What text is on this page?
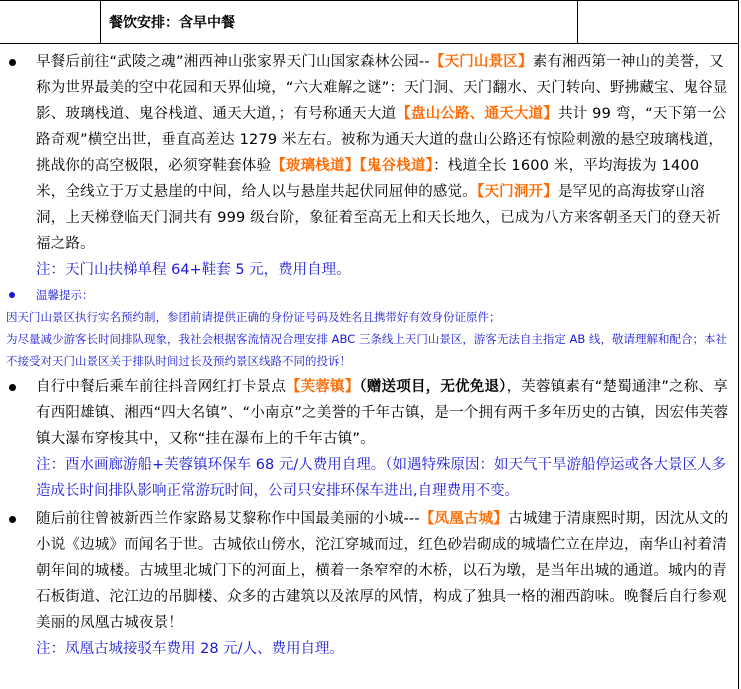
餐饮安排：含早中餐

早餐后前往“武陵之魂”湘西神山张家界天门山国家森林公园--【天门山景区】素有湘西第一神山的美誉，又称为世界最美的空中花园和天界仙境，“六大难解之谜”：天门洞、天门翻水、天门转向、野拂藏宝、鬼谷显影、玻璃栈道、鬼谷栈道、通天大道，；有号称通天大道【盘山公路、通天大道】共计 99 弯，“天下第一公路奇观”横空出世，垂直高差达 1279 米左右。被称为通天大道的盘山公路还有惊险刺激的悬空玻璃栈道，挑战你的高空极限，必须穿鞋套体验【玻璃栈道】【鬼谷栈道】：栈道全长 1600 米，平均海拔为 1400 米，全线立于万丈悬崖的中间，给人以与悬崖共起伏同屈伸的感觉。【天门洞开】是罕见的高海拔穿山溶洞，上天梯登临天门洞共有 999 级台阶，象征着至高无上和天长地久，已成为八方来客朝圣天门的登天祈福之路。

注：天门山扶梯单程 64+鞋套 5 元，费用自理。

温馨提示：
因天门山景区执行实名预约制，参团前请提供正确的身份证号码及姓名且携带好有效身份证原件；
为尽量减少游客长时间排队现象，我社会根据客流情况合理安排 ABC 三条线上天门山景区，游客无法自主指定 AB 线，敬请理解和配合；本社不接受对天门山景区关于排队时间过长及预约景区线路不同的投诉！

自行中餐后乘车前往抖音网红打卡景点【芙蓉镇】（赠送项目，无优免退），芙蓉镇素有“楚蜀通津”之称、享有西阳雄镇、湘西“四大名镇”、“小南京”之美誉的千年古镇，是一个拥有两千多年历史的古镇，因宏伟芙蓉镇大瀑布穿梭其中，又称“挂在瀑布上的千年古镇”。

注：酉水画廊游船+芙蓉镇环保车 68 元/人费用自理。（如遇特殊原因：如天气干旱游船停运或各大景区人多造成长时间排队影响正常游玩时间，公司只安排环保车进出,自理费用不变。

随后前往曾被新西兰作家路易艾黎称作中国最美丽的小城---【凤凰古城】古城建于清康熙时期，因沈从文的小说《边城》而闻名于世。古城依山傍水，沱江穿城而过，红色砂岩砌成的城墙伫立在岸边，南华山衬着清朝年间的城楼。古城里北城门下的河面上，横着一条窄窄的木桥，以石为墩，是当年出城的通道。城内的青石板街道、沱江边的吊脚楼、众多的古建筑以及浓厚的风情，构成了独具一格的湘西韵味。晚餐后自行参观美丽的凤凰古城夜景！

注：凤凰古城接驳车费用 28 元/人、费用自理。
